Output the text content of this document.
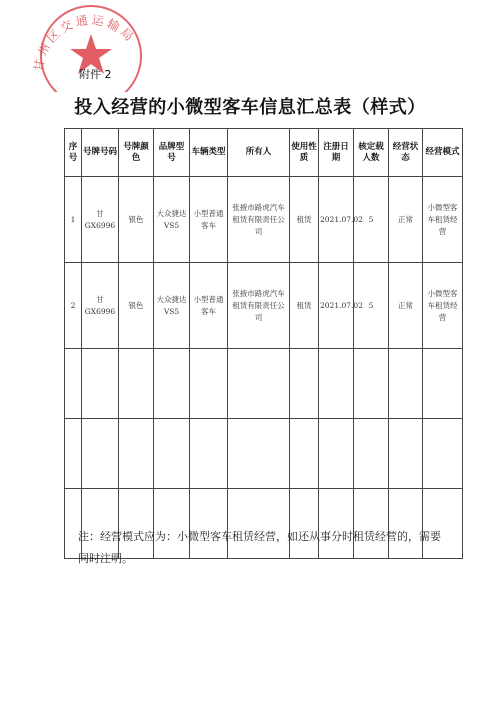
甘州区交通运输局
附件 2
投入经营的小微型客车信息汇总表（样式）
序号	号牌号码	号牌颜色	品牌型号	车辆类型	所有人	使用性质	注册日期	核定载人数	经营状态	经营模式
1	甘GX6996	银色	大众捷达VS5	小型普通客车	张掖市路虎汽车租赁有限责任公司	租赁	2021.07.02	5	正常	小微型客车租赁经营
2	甘GX6996	银色	大众捷达VS5	小型普通客车	张掖市路虎汽车租赁有限责任公司	租赁	2021.07.02	5	正常	小微型客车租赁经营

注：经营模式应为：小微型客车租赁经营，如还从事分时租赁经营的，需要同时注明。
